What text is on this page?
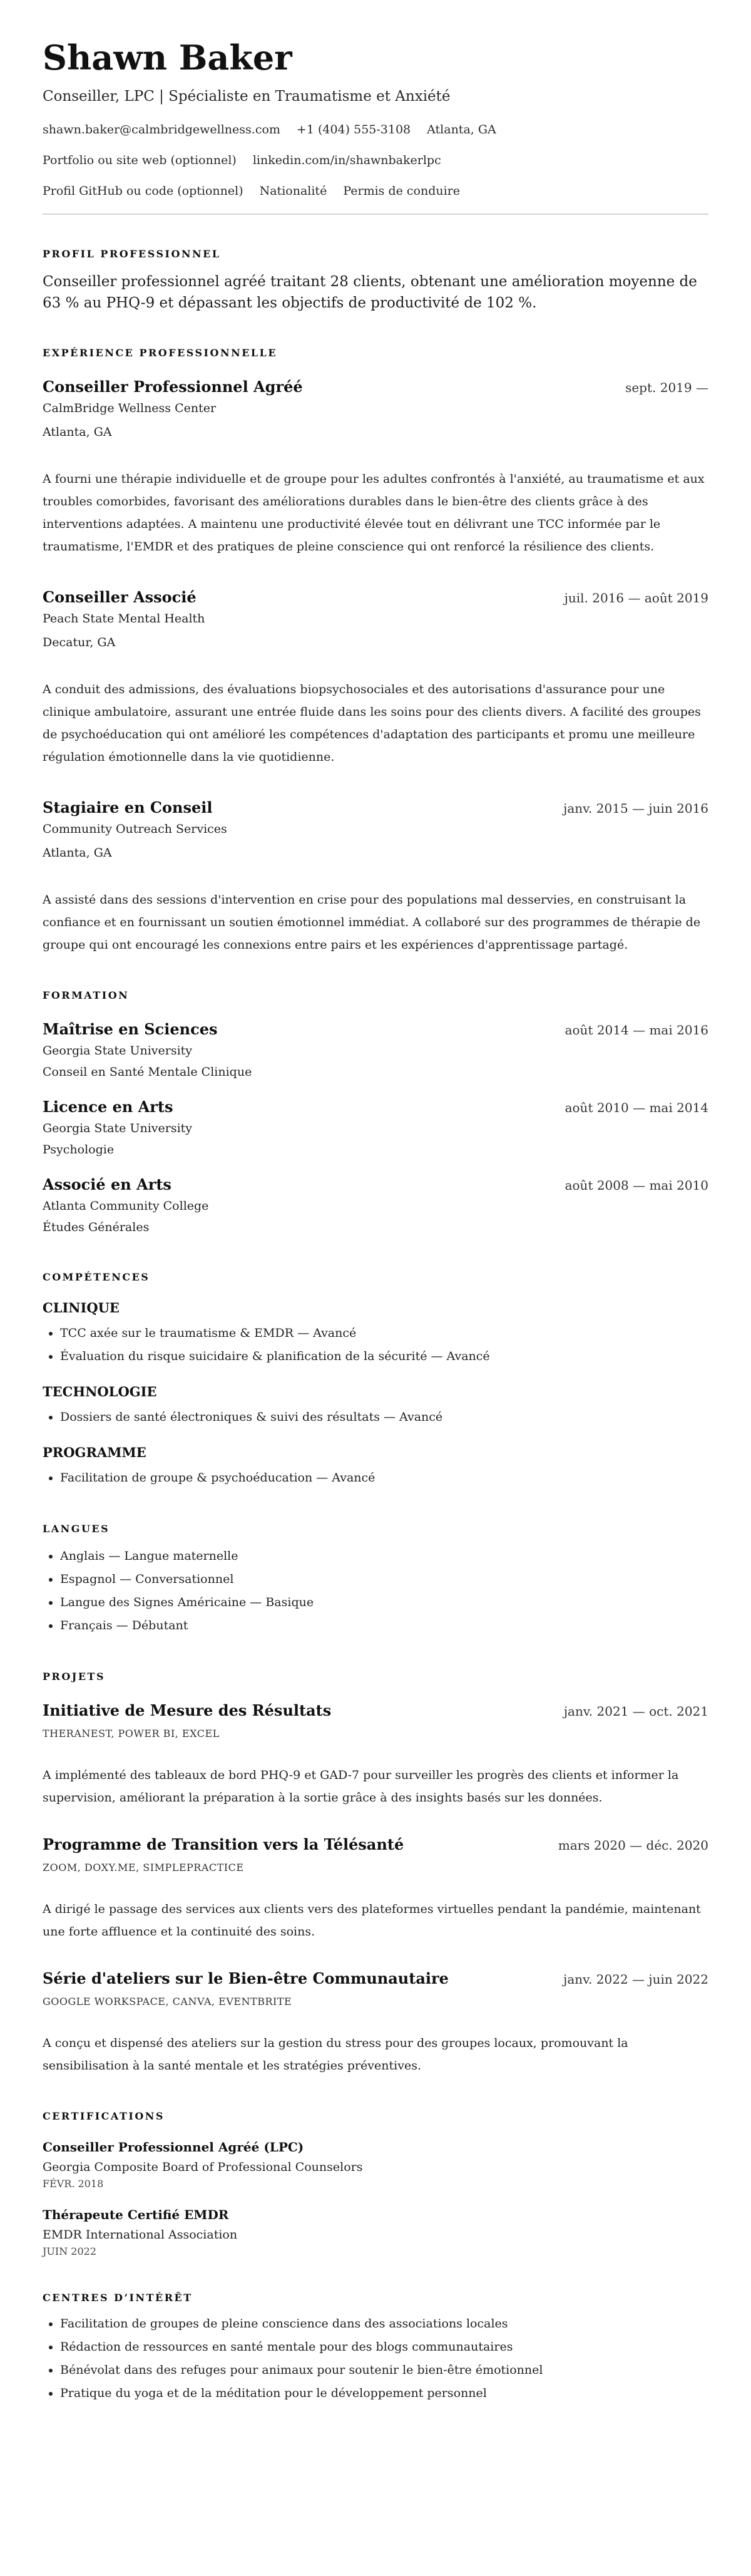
Shawn Baker
Conseiller, LPC | Spécialiste en Traumatisme et Anxiété
shawn.baker@calmbridgewellness.com +1 (404) 555-3108 Atlanta, GA
Portfolio ou site web (optionnel) linkedin.com/in/shawnbakerlpc
Profil GitHub ou code (optionnel) Nationalité Permis de conduire
PROFIL PROFESSIONNEL
Conseiller professionnel agréé traitant 28 clients, obtenant une amélioration moyenne de 63 % au PHQ-9 et dépassant les objectifs de productivité de 102 %.
EXPÉRIENCE PROFESSIONNELLE
Conseiller Professionnel Agréé	sept. 2019 —
CalmBridge Wellness Center
Atlanta, GA
A fourni une thérapie individuelle et de groupe pour les adultes confrontés à l'anxiété, au traumatisme et aux troubles comorbides, favorisant des améliorations durables dans le bien-être des clients grâce à des interventions adaptées. A maintenu une productivité élevée tout en délivrant une TCC informée par le traumatisme, l'EMDR et des pratiques de pleine conscience qui ont renforcé la résilience des clients.
Conseiller Associé	juil. 2016 — août 2019
Peach State Mental Health
Decatur, GA
A conduit des admissions, des évaluations biopsychosociales et des autorisations d'assurance pour une clinique ambulatoire, assurant une entrée fluide dans les soins pour des clients divers. A facilité des groupes de psychoéducation qui ont amélioré les compétences d'adaptation des participants et promu une meilleure régulation émotionnelle dans la vie quotidienne.
Stagiaire en Conseil	janv. 2015 — juin 2016
Community Outreach Services
Atlanta, GA
A assisté dans des sessions d'intervention en crise pour des populations mal desservies, en construisant la confiance et en fournissant un soutien émotionnel immédiat. A collaboré sur des programmes de thérapie de groupe qui ont encouragé les connexions entre pairs et les expériences d'apprentissage partagé.
FORMATION
Maîtrise en Sciences	août 2014 — mai 2016
Georgia State University
Conseil en Santé Mentale Clinique
Licence en Arts	août 2010 — mai 2014
Georgia State University
Psychologie
Associé en Arts	août 2008 — mai 2010
Atlanta Community College
Études Générales
COMPÉTENCES
CLINIQUE
• TCC axée sur le traumatisme & EMDR — Avancé
• Évaluation du risque suicidaire & planification de la sécurité — Avancé
TECHNOLOGIE
• Dossiers de santé électroniques & suivi des résultats — Avancé
PROGRAMME
• Facilitation de groupe & psychoéducation — Avancé
LANGUES
• Anglais — Langue maternelle
• Espagnol — Conversationnel
• Langue des Signes Américaine — Basique
• Français — Débutant
PROJETS
Initiative de Mesure des Résultats	janv. 2021 — oct. 2021
THERANEST, POWER BI, EXCEL
A implémenté des tableaux de bord PHQ-9 et GAD-7 pour surveiller les progrès des clients et informer la supervision, améliorant la préparation à la sortie grâce à des insights basés sur les données.
Programme de Transition vers la Télésanté	mars 2020 — déc. 2020
ZOOM, DOXY.ME, SIMPLEPRACTICE
A dirigé le passage des services aux clients vers des plateformes virtuelles pendant la pandémie, maintenant une forte affluence et la continuité des soins.
Série d'ateliers sur le Bien-être Communautaire	janv. 2022 — juin 2022
GOOGLE WORKSPACE, CANVA, EVENTBRITE
A conçu et dispensé des ateliers sur la gestion du stress pour des groupes locaux, promouvant la sensibilisation à la santé mentale et les stratégies préventives.
CERTIFICATIONS
Conseiller Professionnel Agréé (LPC)
Georgia Composite Board of Professional Counselors
FÉVR. 2018
Thérapeute Certifié EMDR
EMDR International Association
JUIN 2022
CENTRES D’INTÉRÊT
• Facilitation de groupes de pleine conscience dans des associations locales
• Rédaction de ressources en santé mentale pour des blogs communautaires
• Bénévolat dans des refuges pour animaux pour soutenir le bien-être émotionnel
• Pratique du yoga et de la méditation pour le développement personnel
